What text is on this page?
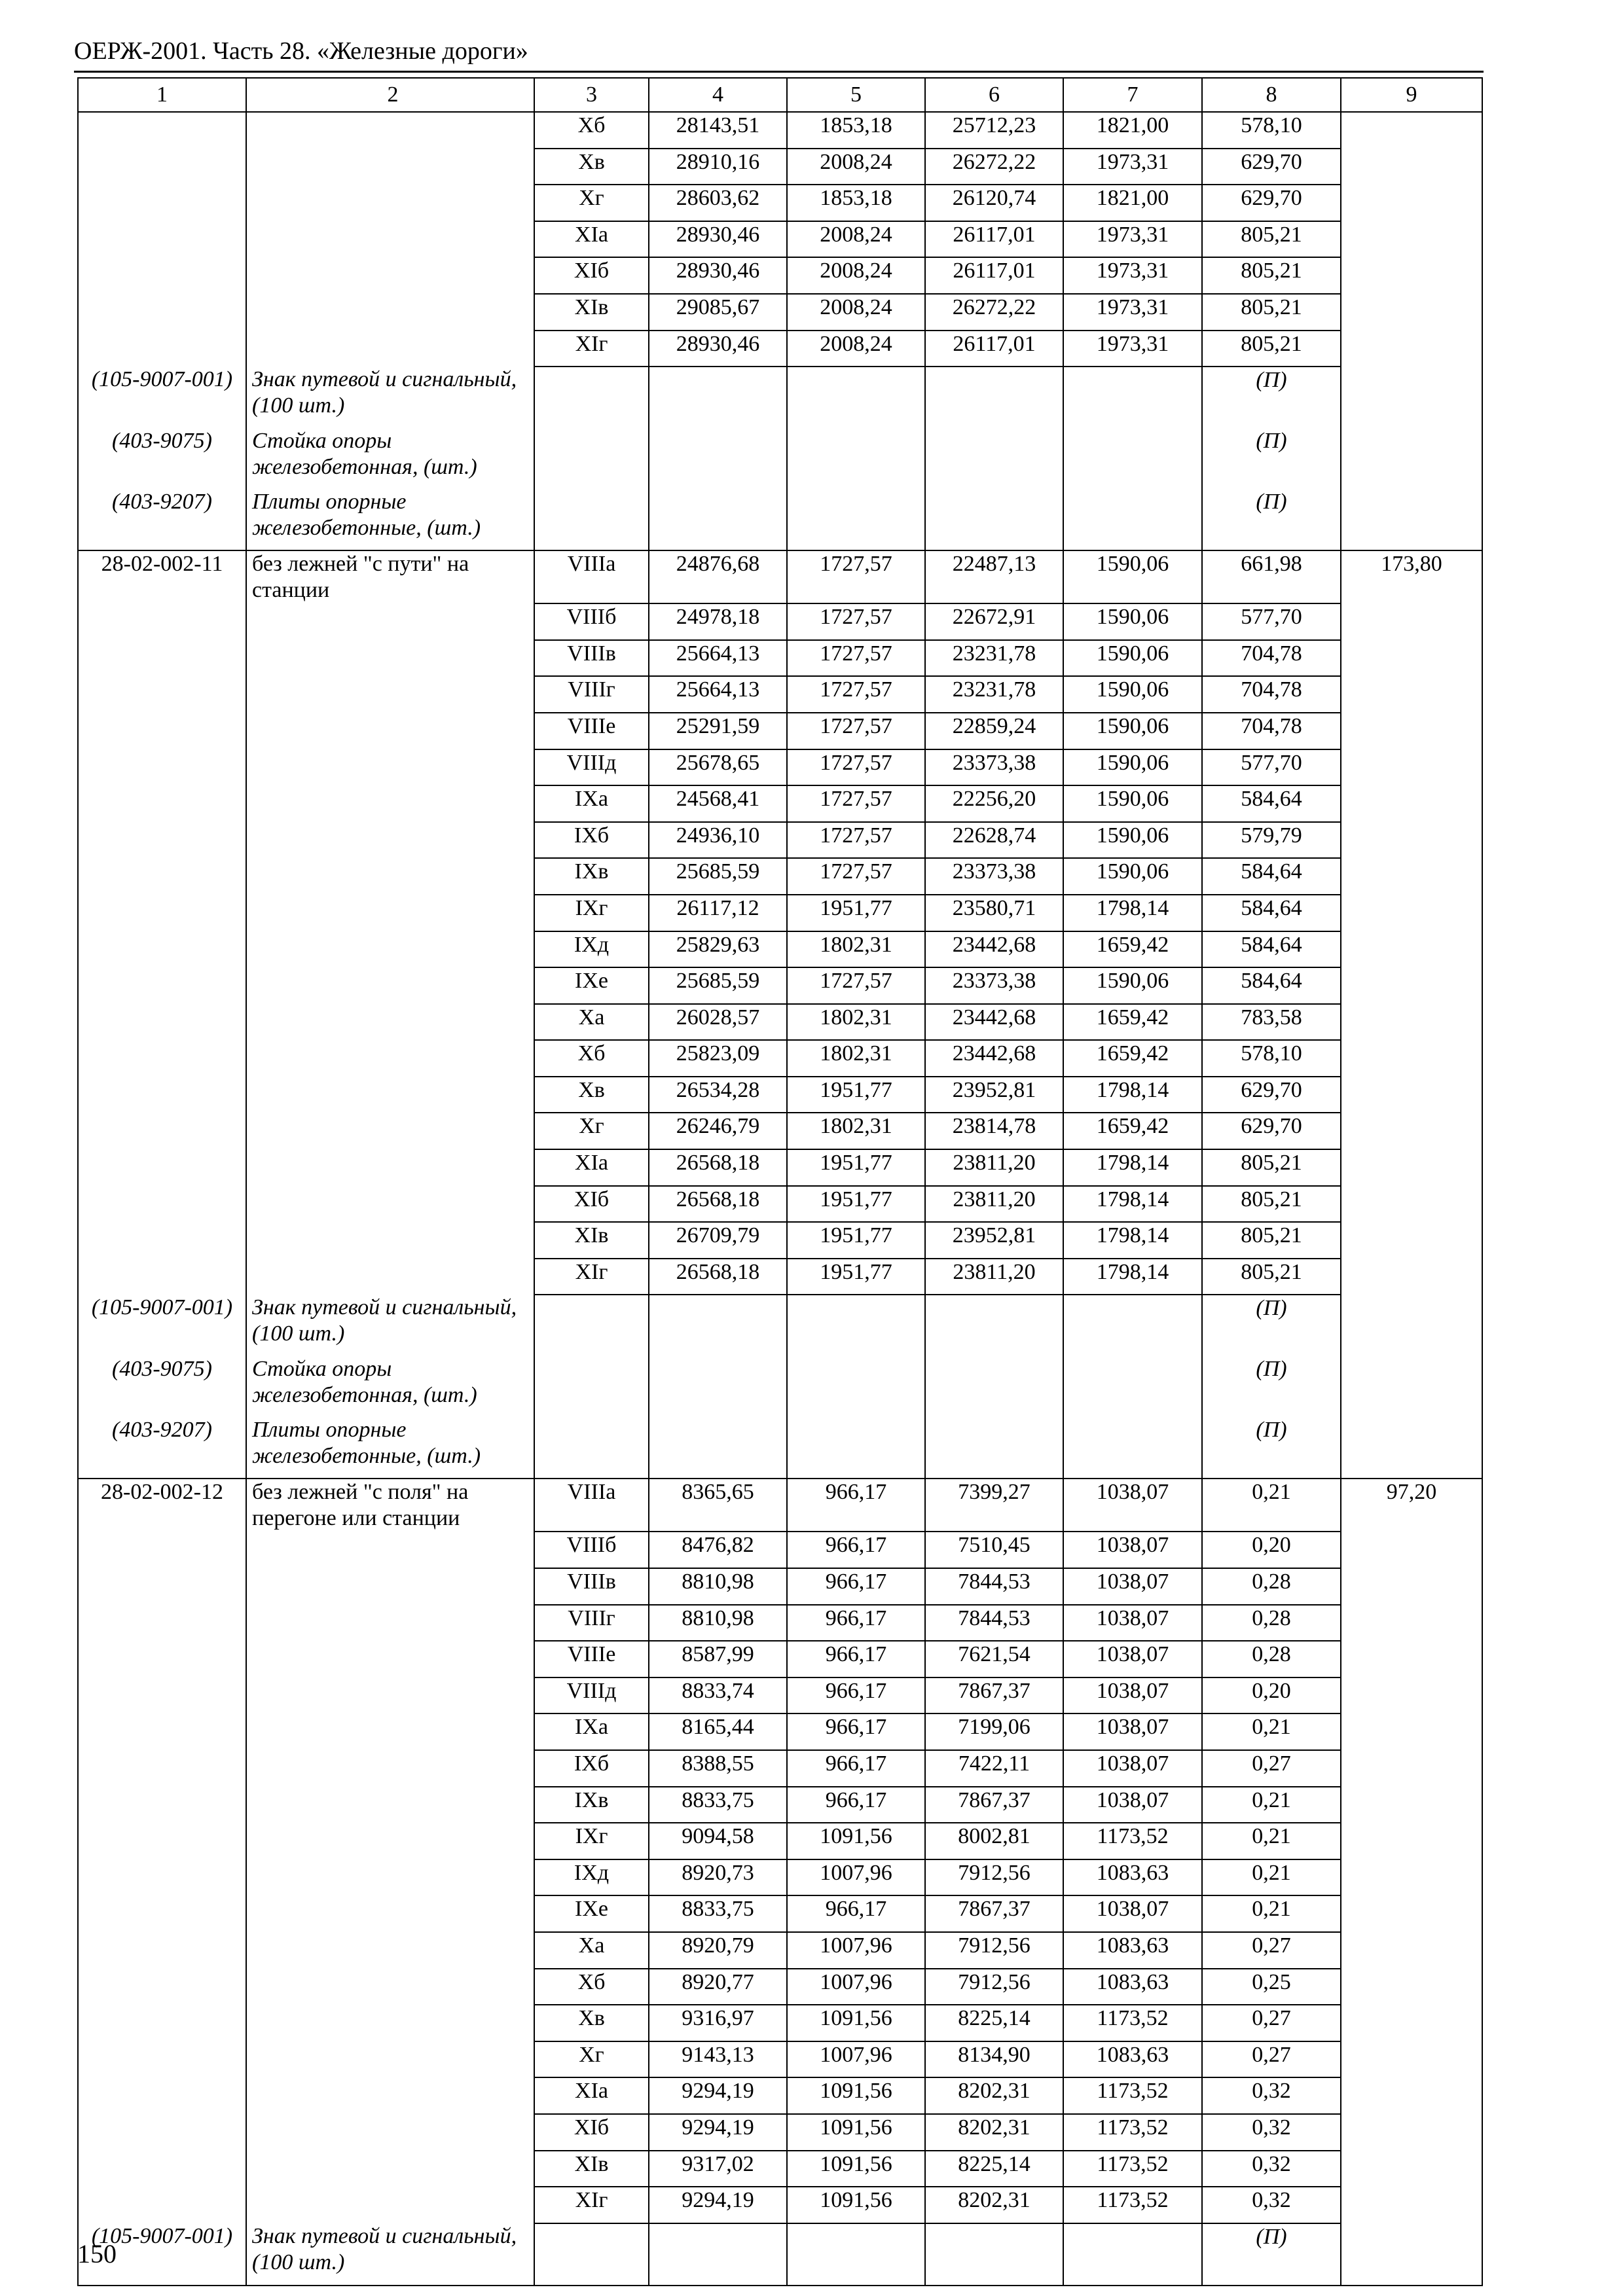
ОЕРЖ-2001. Часть 28. «Железные дороги»
1	2	3	4	5	6	7	8	9
		Хб	28143,51	1853,18	25712,23	1821,00	578,10	
		Хв	28910,16	2008,24	26272,22	1973,31	629,70	
		Хг	28603,62	1853,18	26120,74	1821,00	629,70	
		XIа	28930,46	2008,24	26117,01	1973,31	805,21	
		XIб	28930,46	2008,24	26117,01	1973,31	805,21	
		XIв	29085,67	2008,24	26272,22	1973,31	805,21	
		XIг	28930,46	2008,24	26117,01	1973,31	805,21	
(105-9007-001)	Знак путевой и сигнальный, (100 шт.)						(П)	
(403-9075)	Стойка опоры железобетонная, (шт.)						(П)	
(403-9207)	Плиты опорные железобетонные, (шт.)						(П)	
28-02-002-11	без лежней "с пути" на станции	VIIIа	24876,68	1727,57	22487,13	1590,06	661,98	173,80
		VIIIб	24978,18	1727,57	22672,91	1590,06	577,70	
		VIIIв	25664,13	1727,57	23231,78	1590,06	704,78	
		VIIIг	25664,13	1727,57	23231,78	1590,06	704,78	
		VIIIе	25291,59	1727,57	22859,24	1590,06	704,78	
		VIIIд	25678,65	1727,57	23373,38	1590,06	577,70	
		IXа	24568,41	1727,57	22256,20	1590,06	584,64	
		IXб	24936,10	1727,57	22628,74	1590,06	579,79	
		IXв	25685,59	1727,57	23373,38	1590,06	584,64	
		IXг	26117,12	1951,77	23580,71	1798,14	584,64	
		IXд	25829,63	1802,31	23442,68	1659,42	584,64	
		IXе	25685,59	1727,57	23373,38	1590,06	584,64	
		Ха	26028,57	1802,31	23442,68	1659,42	783,58	
		Хб	25823,09	1802,31	23442,68	1659,42	578,10	
		Хв	26534,28	1951,77	23952,81	1798,14	629,70	
		Хг	26246,79	1802,31	23814,78	1659,42	629,70	
		XIа	26568,18	1951,77	23811,20	1798,14	805,21	
		XIб	26568,18	1951,77	23811,20	1798,14	805,21	
		XIв	26709,79	1951,77	23952,81	1798,14	805,21	
		XIг	26568,18	1951,77	23811,20	1798,14	805,21	
(105-9007-001)	Знак путевой и сигнальный, (100 шт.)						(П)	
(403-9075)	Стойка опоры железобетонная, (шт.)						(П)	
(403-9207)	Плиты опорные железобетонные, (шт.)						(П)	
28-02-002-12	без лежней "с поля" на перегоне или станции	VIIIа	8365,65	966,17	7399,27	1038,07	0,21	97,20
		VIIIб	8476,82	966,17	7510,45	1038,07	0,20	
		VIIIв	8810,98	966,17	7844,53	1038,07	0,28	
		VIIIг	8810,98	966,17	7844,53	1038,07	0,28	
		VIIIе	8587,99	966,17	7621,54	1038,07	0,28	
		VIIIд	8833,74	966,17	7867,37	1038,07	0,20	
		IXа	8165,44	966,17	7199,06	1038,07	0,21	
		IXб	8388,55	966,17	7422,11	1038,07	0,27	
		IXв	8833,75	966,17	7867,37	1038,07	0,21	
		IXг	9094,58	1091,56	8002,81	1173,52	0,21	
		IXд	8920,73	1007,96	7912,56	1083,63	0,21	
		IXе	8833,75	966,17	7867,37	1038,07	0,21	
		Ха	8920,79	1007,96	7912,56	1083,63	0,27	
		Хб	8920,77	1007,96	7912,56	1083,63	0,25	
		Хв	9316,97	1091,56	8225,14	1173,52	0,27	
		Хг	9143,13	1007,96	8134,90	1083,63	0,27	
		XIа	9294,19	1091,56	8202,31	1173,52	0,32	
		XIб	9294,19	1091,56	8202,31	1173,52	0,32	
		XIв	9317,02	1091,56	8225,14	1173,52	0,32	
		XIг	9294,19	1091,56	8202,31	1173,52	0,32	
(105-9007-001)	Знак путевой и сигнальный, (100 шт.)						(П)	
150
